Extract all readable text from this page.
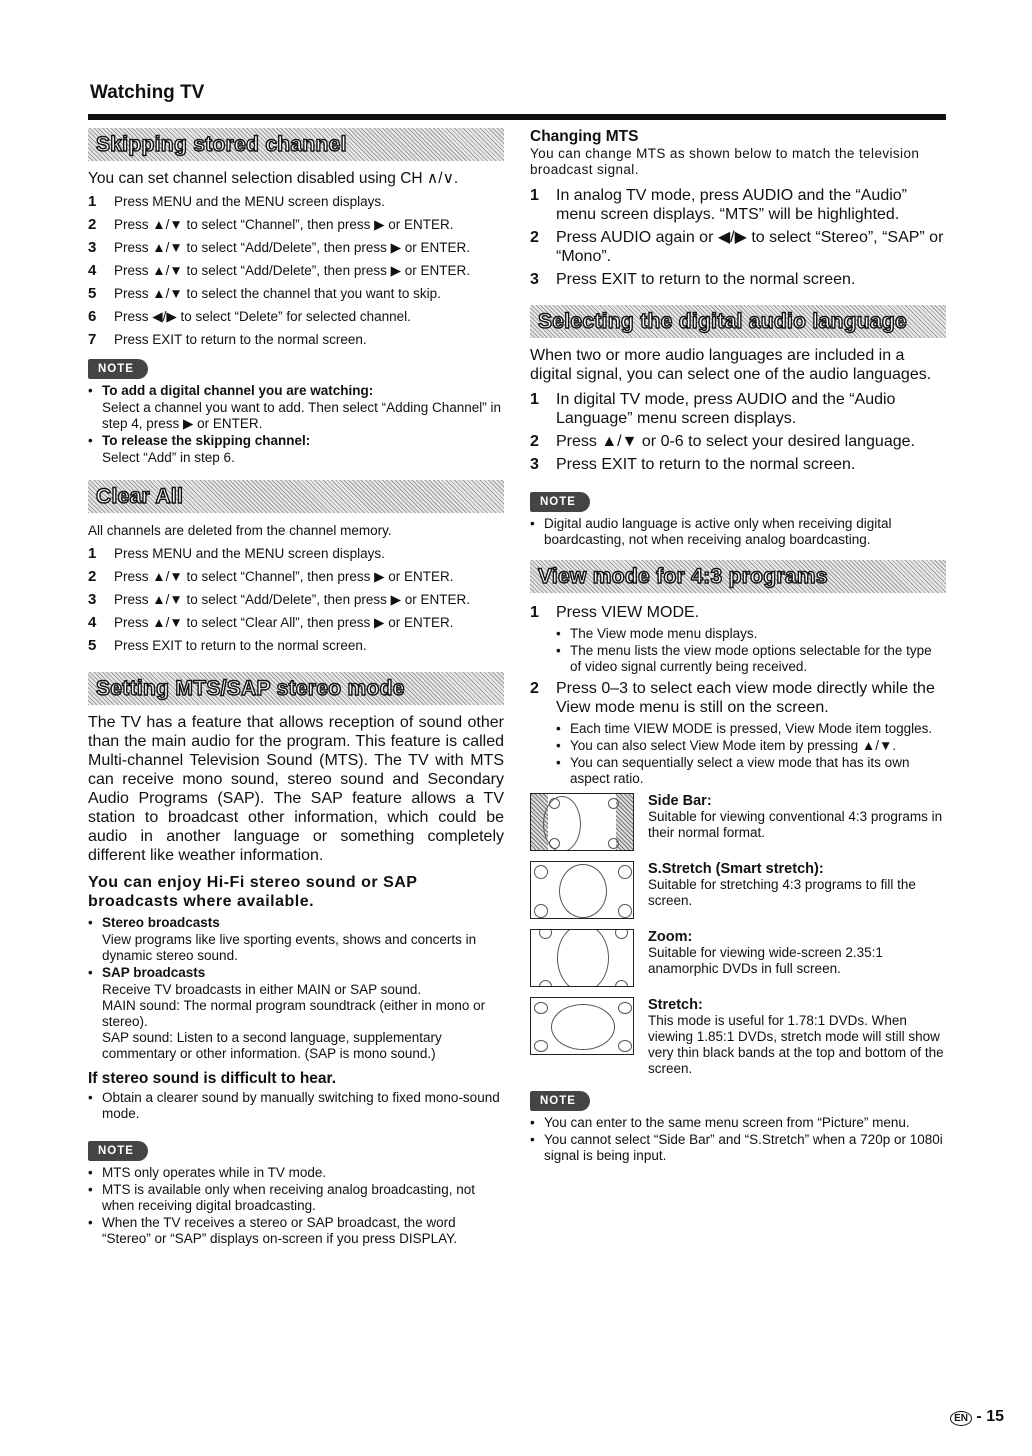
Watching TV
Skipping stored channel
You can set channel selection disabled using CH ∧/∨.
1	Press MENU and the MENU screen displays.
2	Press ▲/▼ to select “Channel”, then press ▶ or ENTER.
3	Press ▲/▼ to select “Add/Delete”, then press ▶ or ENTER.
4	Press ▲/▼ to select “Add/Delete”, then press ▶ or ENTER.
5	Press ▲/▼ to select the channel that you want to skip.
6	Press ◀/▶ to select “Delete” for selected channel.
7	Press EXIT to return to the normal screen.
NOTE
• To add a digital channel you are watching:
Select a channel you want to add. Then select “Adding Channel” in step 4, press ▶ or ENTER.
• To release the skipping channel:
Select “Add” in step 6.
Clear All
All channels are deleted from the channel memory.
1	Press MENU and the MENU screen displays.
2	Press ▲/▼ to select “Channel”, then press ▶ or ENTER.
3	Press ▲/▼ to select “Add/Delete”, then press ▶ or ENTER.
4	Press ▲/▼ to select “Clear All”, then press ▶ or ENTER.
5	Press EXIT to return to the normal screen.
Setting MTS/SAP stereo mode
The TV has a feature that allows reception of sound other than the main audio for the program. This feature is called Multi-channel Television Sound (MTS). The TV with MTS can receive mono sound, stereo sound and Secondary Audio Programs (SAP). The SAP feature allows a TV station to broadcast other information, which could be audio in another language or something completely different like weather information.
You can enjoy Hi-Fi stereo sound or SAP broadcasts where available.
• Stereo broadcasts
View programs like live sporting events, shows and concerts in dynamic stereo sound.
• SAP broadcasts
Receive TV broadcasts in either MAIN or SAP sound.
MAIN sound: The normal program soundtrack (either in mono or stereo).
SAP sound: Listen to a second language, supplementary commentary or other information. (SAP is mono sound.)
If stereo sound is difficult to hear.
• Obtain a clearer sound by manually switching to fixed mono-sound mode.
NOTE
• MTS only operates while in TV mode.
• MTS is available only when receiving analog broadcasting, not when receiving digital broadcasting.
• When the TV receives a stereo or SAP broadcast, the word “Stereo” or “SAP” displays on-screen if you press DISPLAY.
Changing MTS
You can change MTS as shown below to match the television broadcast signal.
1	In analog TV mode, press AUDIO and the “Audio” menu screen displays. “MTS” will be highlighted.
2	Press AUDIO again or ◀/▶ to select “Stereo”, “SAP” or “Mono”.
3	Press EXIT to return to the normal screen.
Selecting the digital audio language
When two or more audio languages are included in a digital signal, you can select one of the audio languages.
1	In digital TV mode, press AUDIO and the “Audio Language” menu screen displays.
2	Press ▲/▼ or 0-6 to select your desired language.
3	Press EXIT to return to the normal screen.
NOTE
• Digital audio language is active only when receiving digital boardcasting, not when receiving analog boardcasting.
View mode for 4:3 programs
1	Press VIEW MODE.
• The View mode menu displays.
• The menu lists the view mode options selectable for the type of video signal currently being received.
2	Press 0–3 to select each view mode directly while the View mode menu is still on the screen.
• Each time VIEW MODE is pressed, View Mode item toggles.
• You can also select View Mode item by pressing ▲/▼.
• You can sequentially select a view mode that has its own aspect ratio.
Side Bar:
Suitable for viewing conventional 4:3 programs in their normal format.
S.Stretch (Smart stretch):
Suitable for stretching 4:3 programs to fill the screen.
Zoom:
Suitable for viewing wide-screen 2.35:1 anamorphic DVDs in full screen.
Stretch:
This mode is useful for 1.78:1 DVDs. When viewing 1.85:1 DVDs, stretch mode will still show very thin black bands at the top and bottom of the screen.
NOTE
• You can enter to the same menu screen from “Picture” menu.
• You cannot select “Side Bar” and “S.Stretch” when a 720p or 1080i signal is being input.
EN - 15
